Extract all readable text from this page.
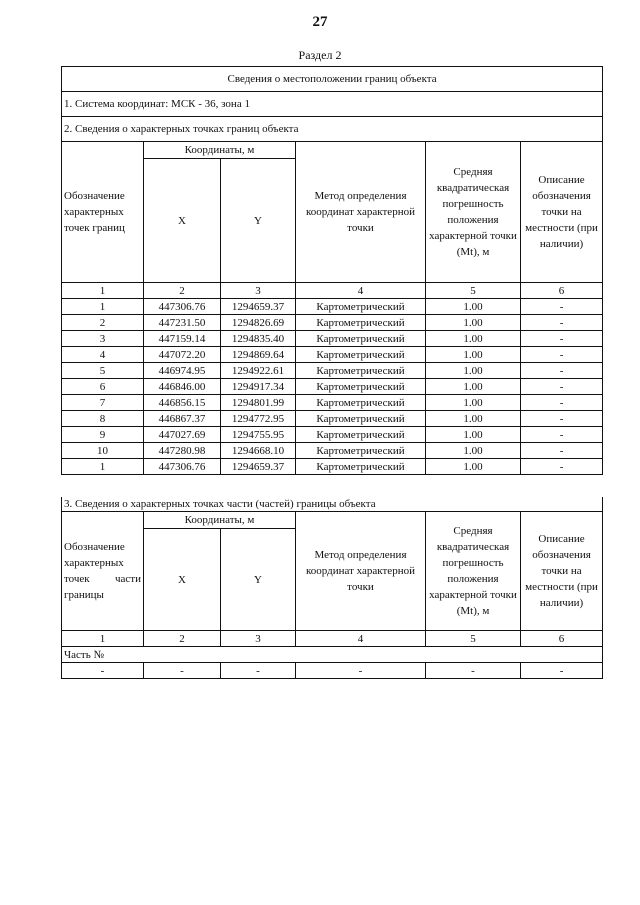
27
Раздел 2
Сведения о местоположении границ объекта					
1. Система координат: МСК - 36, зона 1					
2. Сведения о характерных точках границ объекта					
Обозначение характерных точек границ	Координаты, м		Метод определения координат характерной точки	Средняя квадратическая погрешность положения характерной точки (Mt), м	Описание обозначения точки на местности (при наличии)
	X	Y			
1	2	3	4	5	6
1	447306.76	1294659.37	Картометрический	1.00	-
2	447231.50	1294826.69	Картометрический	1.00	-
3	447159.14	1294835.40	Картометрический	1.00	-
4	447072.20	1294869.64	Картометрический	1.00	-
5	446974.95	1294922.61	Картометрический	1.00	-
6	446846.00	1294917.34	Картометрический	1.00	-
7	446856.15	1294801.99	Картометрический	1.00	-
8	446867.37	1294772.95	Картометрический	1.00	-
9	447027.69	1294755.95	Картометрический	1.00	-
10	447280.98	1294668.10	Картометрический	1.00	-
1	447306.76	1294659.37	Картометрический	1.00	-
3. Сведения о характерных точках части (частей) границы объекта					
Обозначение характерных точек части границы	Координаты, м		Метод определения координат характерной точки	Средняя квадратическая погрешность положения характерной точки (Mt), м	Описание обозначения точки на местности (при наличии)
	X	Y			
1	2	3	4	5	6
Часть №					
-	-	-	-	-	-
